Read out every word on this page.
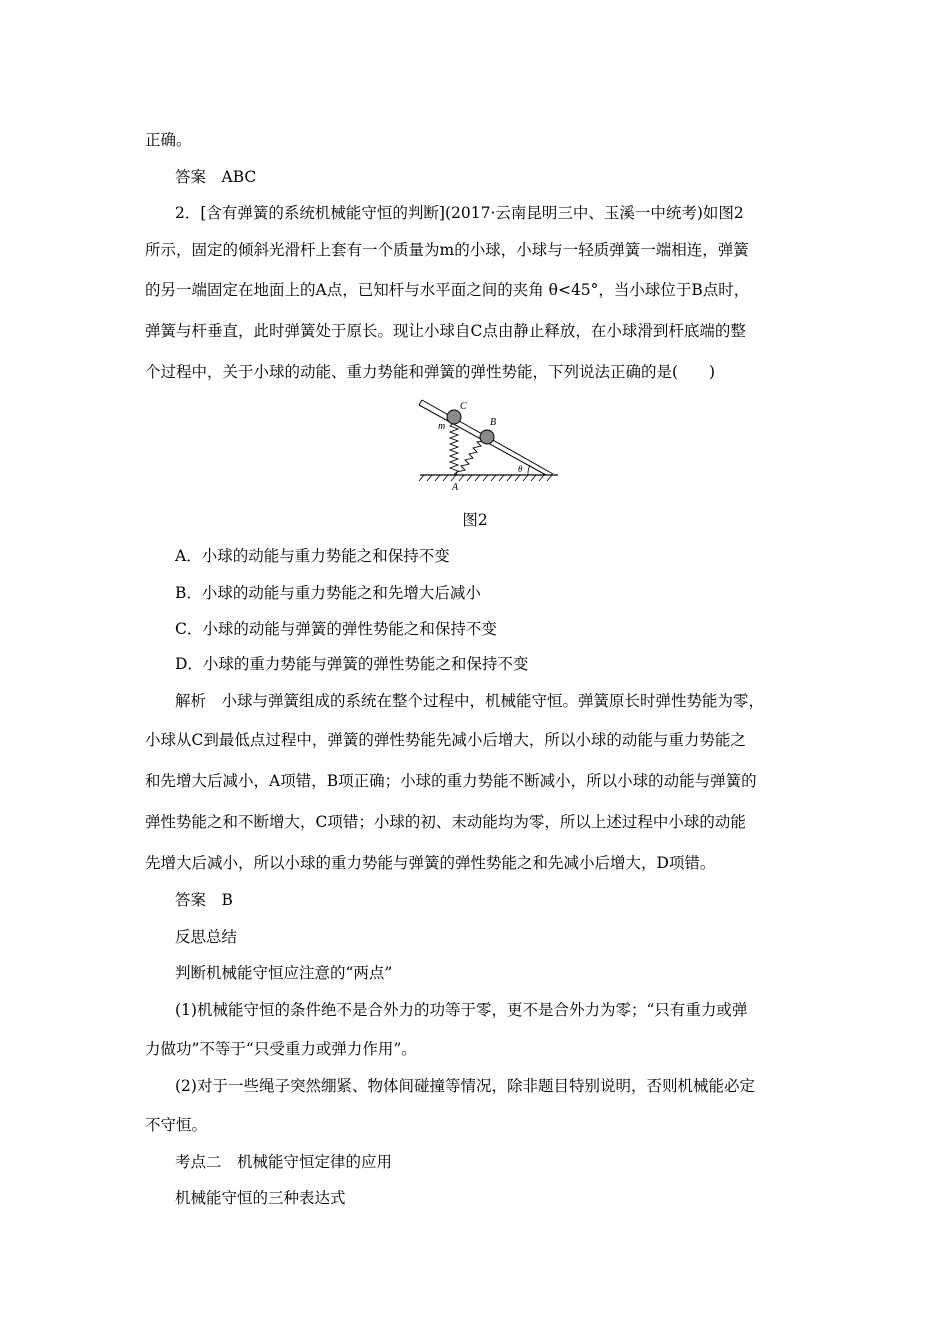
正确。
答案　ABC
2．[含有弹簧的系统机械能守恒的判断](2017·云南昆明三中、玉溪一中统考)如图2
所示，固定的倾斜光滑杆上套有一个质量为m的小球，小球与一轻质弹簧一端相连，弹簧
的另一端固定在地面上的A点，已知杆与水平面之间的夹角 θ<45°，当小球位于B点时，
弹簧与杆垂直，此时弹簧处于原长。现让小球自C点由静止释放，在小球滑到杆底端的整
个过程中，关于小球的动能、重力势能和弹簧的弹性势能，下列说法正确的是(　　)
C
B
m
A
θ
图2
A．小球的动能与重力势能之和保持不变
B．小球的动能与重力势能之和先增大后减小
C．小球的动能与弹簧的弹性势能之和保持不变
D．小球的重力势能与弹簧的弹性势能之和保持不变
解析　小球与弹簧组成的系统在整个过程中，机械能守恒。弹簧原长时弹性势能为零，
小球从C到最低点过程中，弹簧的弹性势能先减小后增大，所以小球的动能与重力势能之
和先增大后减小，A项错，B项正确；小球的重力势能不断减小，所以小球的动能与弹簧的
弹性势能之和不断增大，C项错；小球的初、末动能均为零，所以上述过程中小球的动能
先增大后减小，所以小球的重力势能与弹簧的弹性势能之和先减小后增大，D项错。
答案　B
反思总结
判断机械能守恒应注意的“两点”
(1)机械能守恒的条件绝不是合外力的功等于零，更不是合外力为零；“只有重力或弹
力做功”不等于“只受重力或弹力作用”。
(2)对于一些绳子突然绷紧、物体间碰撞等情况，除非题目特别说明，否则机械能必定
不守恒。
考点二　机械能守恒定律的应用
机械能守恒的三种表达式
